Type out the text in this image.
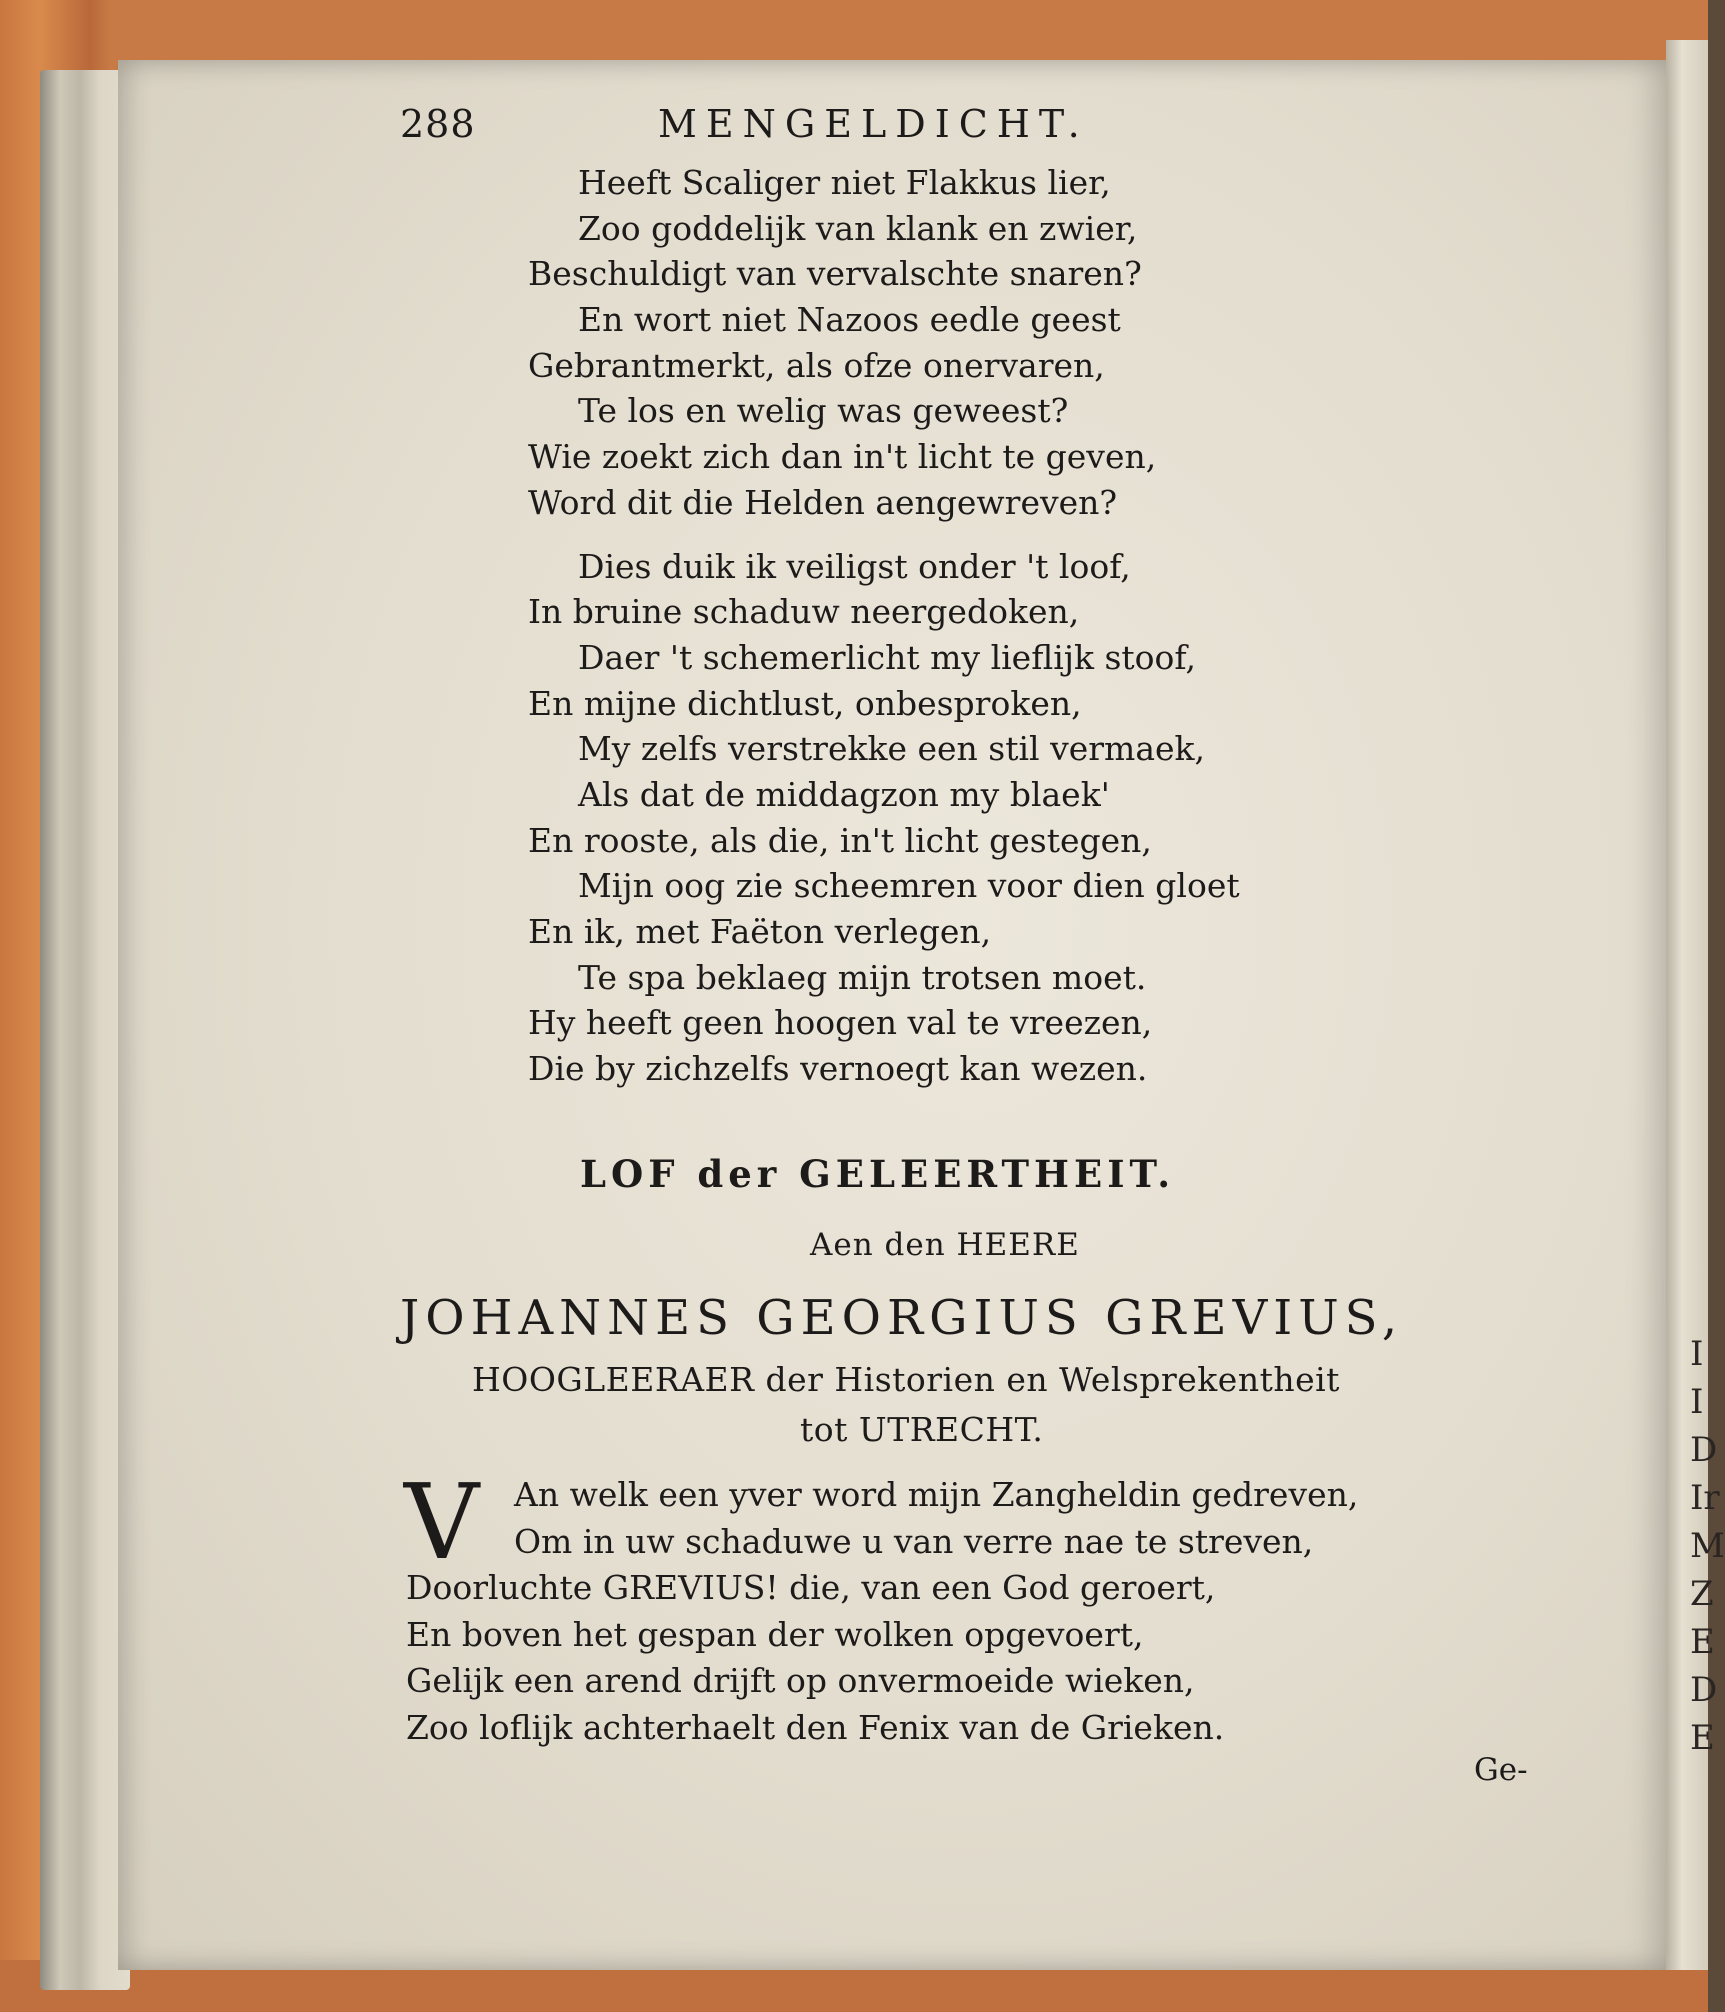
I
I
D
Ir
M
Z
E
D
E
288	MENGELDICHT.
Heeft Scaliger niet Flakkus lier,
Zoo goddelijk van klank en zwier,
Beschuldigt van vervalschte snaren?
En wort niet Nazoos eedle geest
Gebrantmerkt, als ofze onervaren,
Te los en welig was geweest?
Wie zoekt zich dan in't licht te geven,
Word dit die Helden aengewreven?
Dies duik ik veiligst onder 't loof,
In bruine schaduw neergedoken,
Daer 't schemerlicht my lieflijk stoof,
En mijne dichtlust, onbesproken,
My zelfs verstrekke een stil vermaek,
Als dat de middagzon my blaek'
En rooste, als die, in't licht gestegen,
Mijn oog zie scheemren voor dien gloet
En ik, met Faëton verlegen,
Te spa beklaeg mijn trotsen moet.
Hy heeft geen hoogen val te vreezen,
Die by zichzelfs vernoegt kan wezen.
LOF der GELEERTHEIT.
Aen den HEERE
JOHANNES GEORGIUS GREVIUS,
HOOGLEERAER der Historien en Welsprekentheit
tot UTRECHT.
V	An welk een yver word mijn Zangheldin gedreven,
Om in uw schaduwe u van verre nae te streven,
Doorluchte GREVIUS! die, van een God geroert,
En boven het gespan der wolken opgevoert,
Gelijk een arend drijft op onvermoeide wieken,
Zoo loflijk achterhaelt den Fenix van de Grieken.
Ge-
